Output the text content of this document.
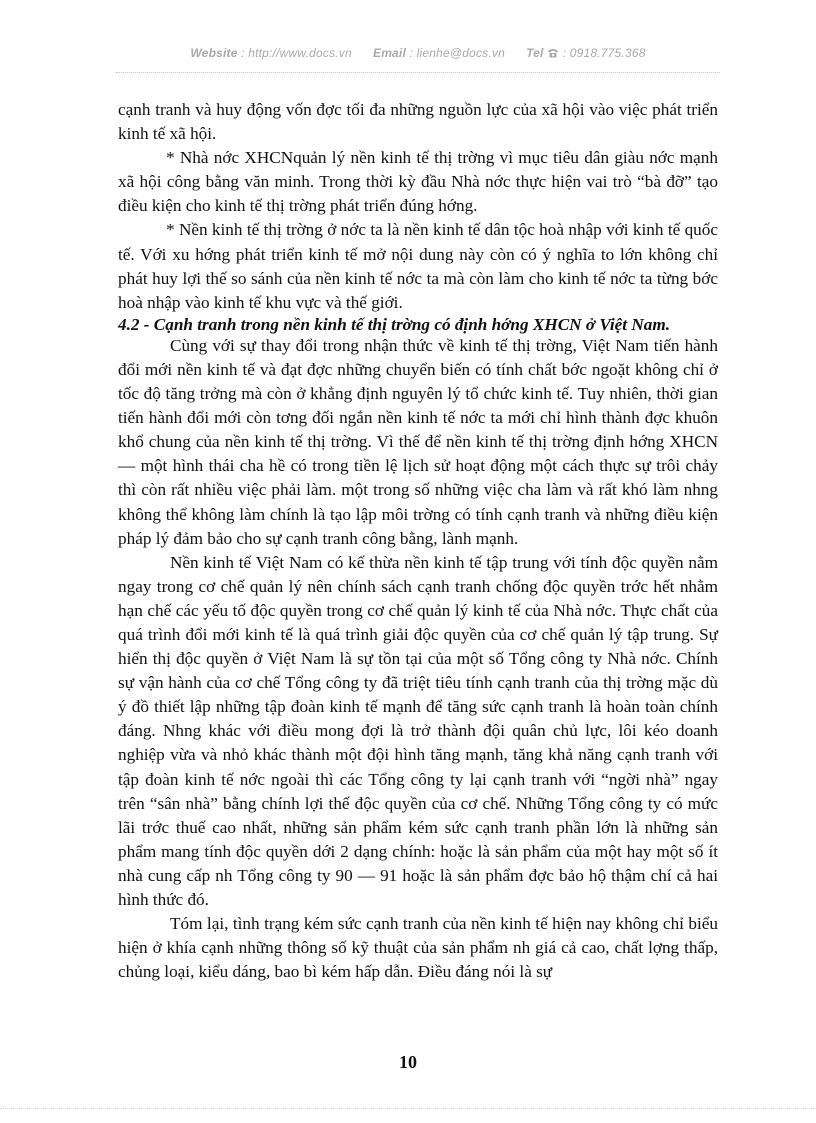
Website : http://www.docs.vn Email : lienhe@docs.vn Tel  : 0918.775.368

cạnh tranh và huy động vốn đợc tối đa những nguồn lực của xã hội vào việc phát triển kinh tế xã hội.

* Nhà nớc XHCNquản lý nền kinh tế thị trờng vì mục tiêu dân giàu nớc mạnh xã hội công bằng văn minh. Trong thời kỳ đầu Nhà nớc thực hiện vai trò “bà đỡ” tạo điều kiện cho kinh tế thị trờng phát triển đúng hớng.

* Nền kinh tế thị trờng ở nớc ta là nền kinh tế dân tộc hoà nhập với kinh tế quốc tế. Với xu hớng phát triển kinh tế mở nội dung này còn có ý nghĩa to lớn không chỉ phát huy lợi thế so sánh của nền kinh tế nớc ta mà còn làm cho kinh tế nớc ta từng bớc hoà nhập vào kinh tế khu vực và thế giới.

4.2 - Cạnh tranh trong nền kinh tế thị trờng có định hớng XHCN ở Việt Nam.

Cùng với sự thay đổi trong nhận thức về kinh tế thị trờng, Việt Nam tiến hành đổi mới nền kinh tế và đạt đợc những chuyển biến có tính chất bớc ngoặt không chỉ ở tốc độ tăng trởng mà còn ở khẳng định nguyên lý tổ chức kinh tế. Tuy nhiên, thời gian tiến hành đổi mới còn tơng đối ngắn nền kinh tế nớc ta mới chỉ hình thành đợc khuôn khổ chung của nền kinh tế thị trờng. Vì thế để nền kinh tế thị trờng định hớng XHCN — một hình thái cha hề có trong tiền lệ lịch sử hoạt động một cách thực sự trôi chảy thì còn rất nhiều việc phải làm. một trong số những việc cha làm và rất khó làm nhng không thể không làm chính là tạo lập môi trờng có tính cạnh tranh và những điều kiện pháp lý đảm bảo cho sự cạnh tranh công bằng, lành mạnh.

Nền kinh tế Việt Nam có kế thừa nền kinh tế tập trung với tính độc quyền nằm ngay trong cơ chế quản lý nên chính sách cạnh tranh chống độc quyền trớc hết nhằm hạn chế các yếu tố độc quyền trong cơ chế quản lý kinh tế của Nhà nớc. Thực chất của quá trình đổi mới kinh tế là quá trình giải độc quyền của cơ chế quản lý tập trung. Sự hiển thị độc quyền ở Việt Nam là sự tồn tại của một số Tổng công ty Nhà nớc. Chính sự vận hành của cơ chế Tổng công ty đã triệt tiêu tính cạnh tranh của thị trờng mặc dù ý đồ thiết lập những tập đoàn kinh tế mạnh để tăng sức cạnh tranh là hoàn toàn chính đáng. Nhng khác với điều mong đợi là trở thành đội quân chủ lực, lôi kéo doanh nghiệp vừa và nhỏ khác thành một đội hình tăng mạnh, tăng khả năng cạnh tranh với tập đoàn kinh tế nớc ngoài thì các Tổng công ty lại cạnh tranh với “ngời nhà” ngay trên “sân nhà” bằng chính lợi thế độc quyền của cơ chế. Những Tổng công ty có mức lãi trớc thuế cao nhất, những sản phẩm kém sức cạnh tranh phần lớn là những sản phẩm mang tính độc quyền dới 2 dạng chính: hoặc là sản phẩm của một hay một số ít nhà cung cấp nh Tổng công ty 90 — 91 hoặc là sản phẩm đợc bảo hộ thậm chí cả hai hình thức đó.

Tóm lại, tình trạng kém sức cạnh tranh của nền kinh tế hiện nay không chỉ biểu hiện ở khía cạnh những thông số kỹ thuật của sản phẩm nh giá cả cao, chất lợng thấp, chủng loại, kiểu dáng, bao bì kém hấp dẫn. Điều đáng nói là sự

10
